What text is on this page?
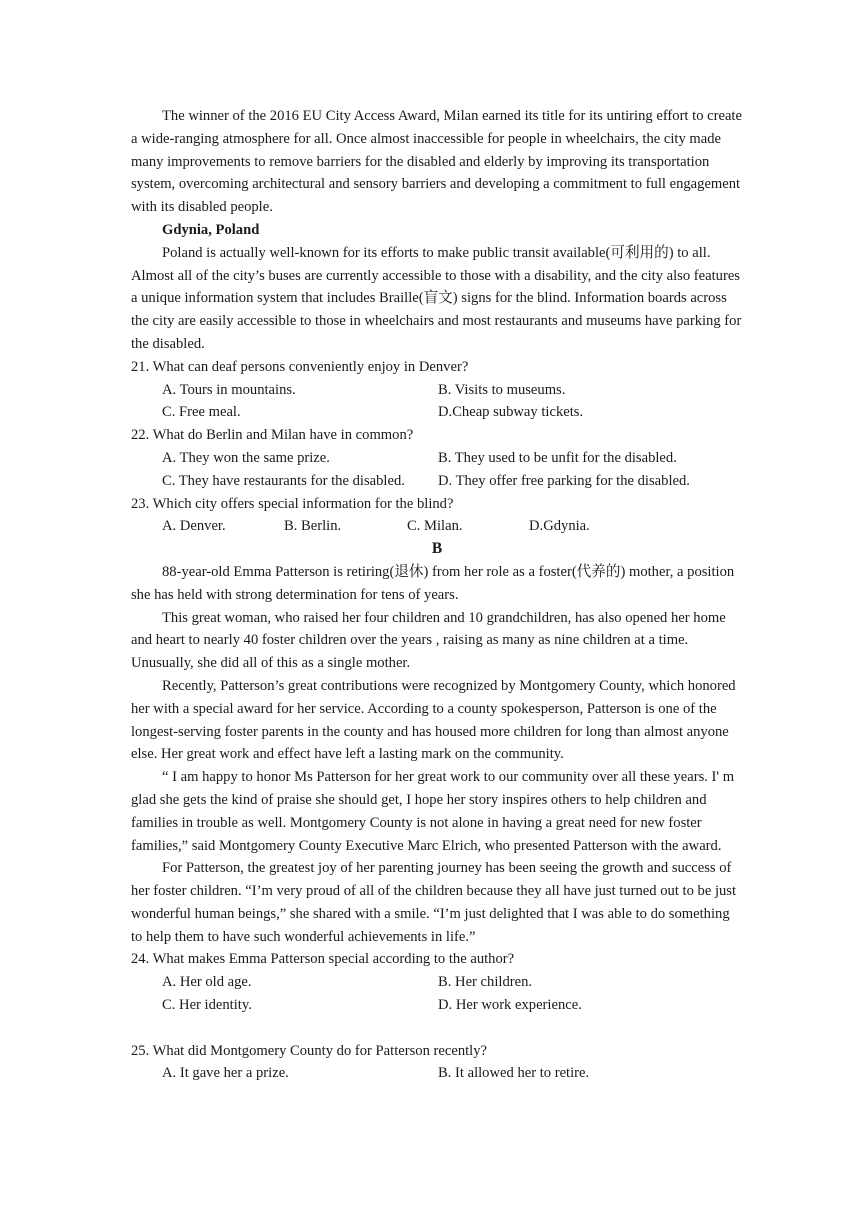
The winner of the 2016 EU City Access Award, Milan earned its title for its untiring effort to create a wide-ranging atmosphere for all. Once almost inaccessible for people in wheelchairs, the city made many improvements to remove barriers for the disabled and elderly by improving its transportation system, overcoming architectural and sensory barriers and developing a commitment to full engagement with its disabled people.

Gdynia, Poland

Poland is actually well-known for its efforts to make public transit available(可利用的) to all. Almost all of the city’s buses are currently accessible to those with a disability, and the city also features a unique information system that includes Braille(盲文) signs for the blind. Information boards across the city are easily accessible to those in wheelchairs and most restaurants and museums have parking for the disabled.

21. What can deaf persons conveniently enjoy in Denver?

A. Tours in mountains.	B. Visits to museums.
C. Free meal.	D.Cheap subway tickets.

22. What do Berlin and Milan have in common?

A. They won the same prize.	B. They used to be unfit for the disabled.
C. They have restaurants for the disabled.	D. They offer free parking for the disabled.

23. Which city offers special information for the blind?

A. Denver.	B. Berlin.	C. Milan.	D.Gdynia.

B

88-year-old Emma Patterson is retiring(退休) from her role as a foster(代养的) mother, a position she has held with strong determination for tens of years.

This great woman, who raised her four children and 10 grandchildren, has also opened her home and heart to nearly 40 foster children over the years , raising as many as nine children at a time. Unusually, she did all of this as a single mother.

Recently, Patterson’s great contributions were recognized by Montgomery County, which honored her with a special award for her service. According to a county spokesperson, Patterson is one of the longest-serving foster parents in the county and has housed more children for long than almost anyone else. Her great work and effect have left a lasting mark on the community.

“ I am happy to honor Ms Patterson for her great work to our community over all these years. I' m glad she gets the kind of praise she should get, I hope her story inspires others to help children and families in trouble as well. Montgomery County is not alone in having a great need for new foster families,” said Montgomery County Executive Marc Elrich, who presented Patterson with the award.

For Patterson, the greatest joy of her parenting journey has been seeing the growth and success of her foster children. “I’m very proud of all of the children because they all have just turned out to be just wonderful human beings,” she shared with a smile. “I’m just delighted that I was able to do something to help them to have such wonderful achievements in life.”

24. What makes Emma Patterson special according to the author?

A. Her old age.	B. Her children.
C. Her identity.	D. Her work experience.

25. What did Montgomery County do for Patterson recently?

A. It gave her a prize.	B. It allowed her to retire.
